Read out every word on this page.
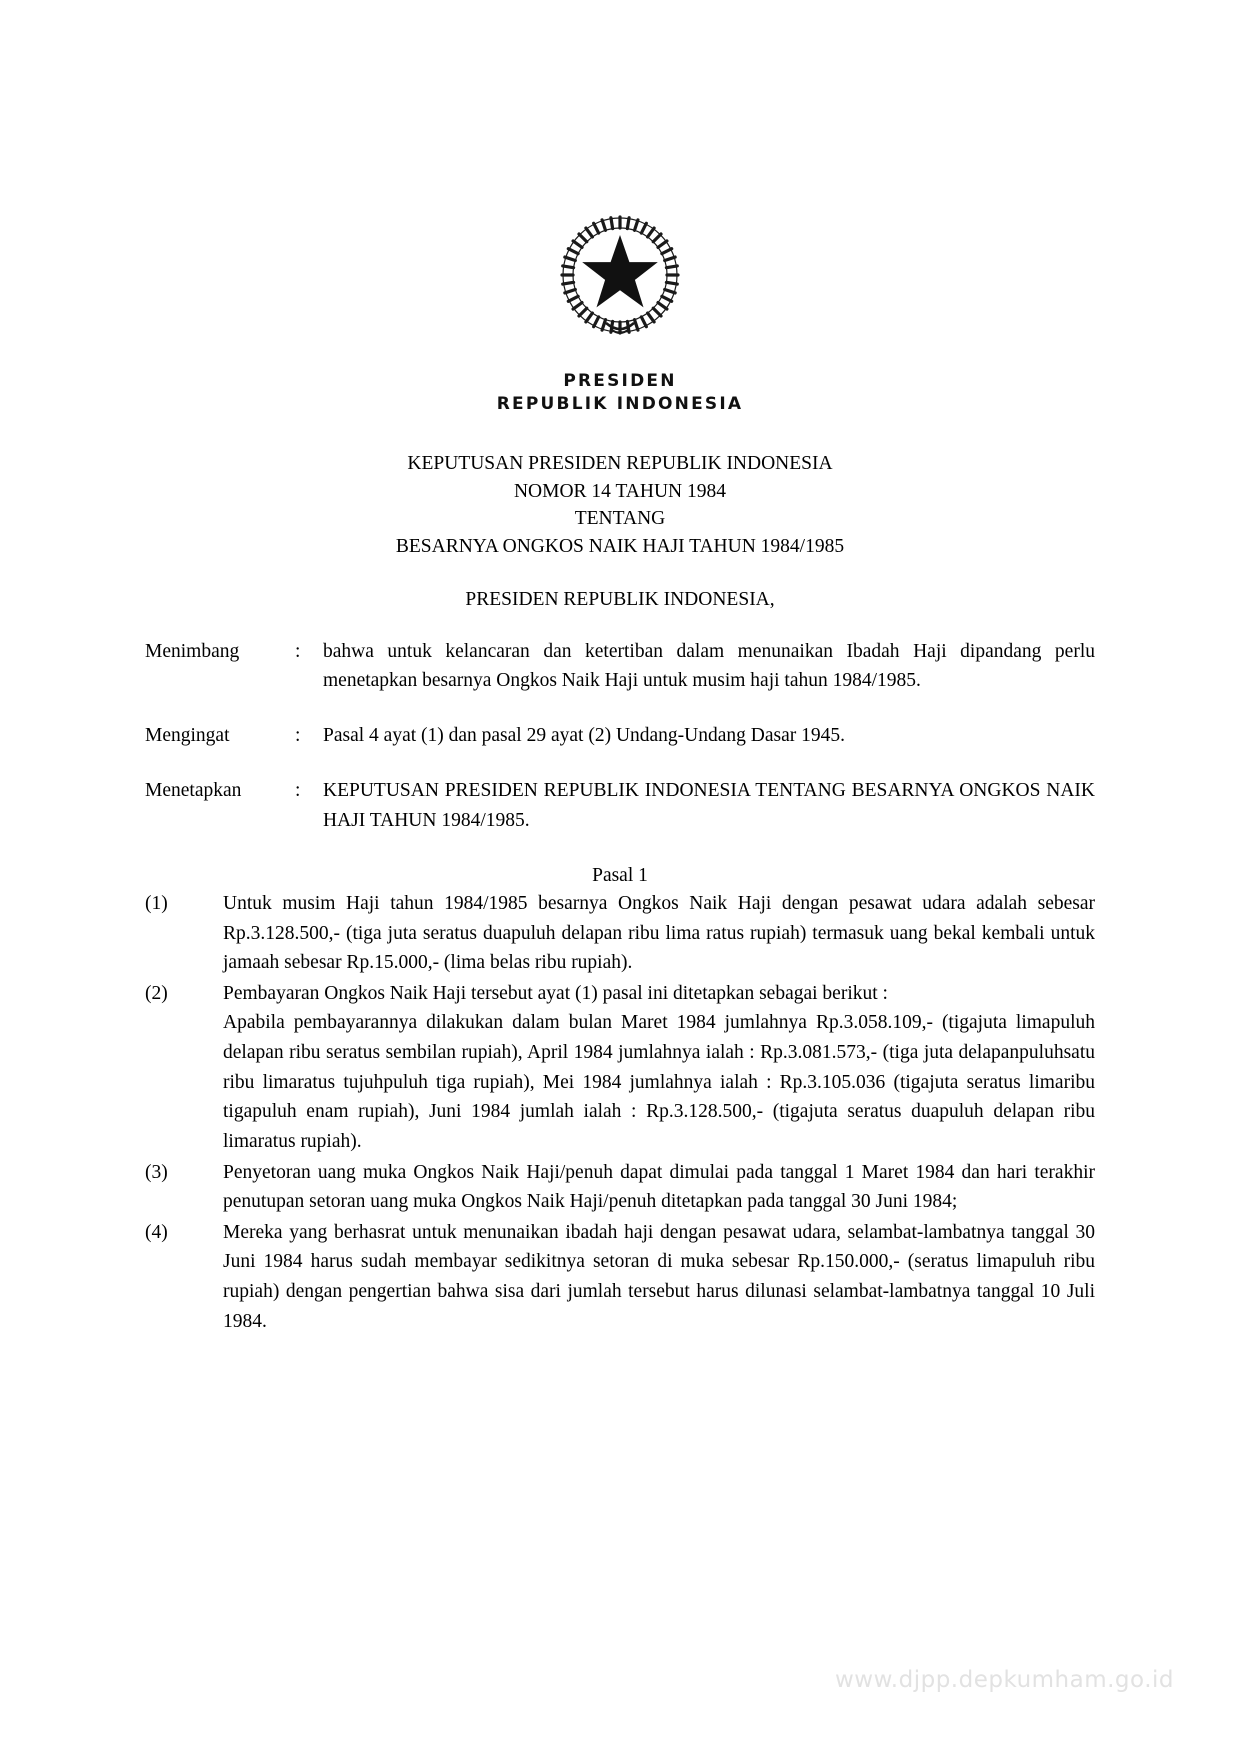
PRESIDEN
REPUBLIK INDONESIA
KEPUTUSAN PRESIDEN REPUBLIK INDONESIA
NOMOR 14 TAHUN 1984
TENTANG
BESARNYA ONGKOS NAIK HAJI TAHUN 1984/1985
PRESIDEN REPUBLIK INDONESIA,
Menimbang	:	bahwa untuk kelancaran dan ketertiban dalam menunaikan Ibadah Haji dipandang perlu menetapkan besarnya Ongkos Naik Haji untuk musim haji tahun 1984/1985.
Mengingat	:	Pasal 4 ayat (1) dan pasal 29 ayat (2) Undang-Undang Dasar 1945.
Menetapkan	:	KEPUTUSAN PRESIDEN REPUBLIK INDONESIA TENTANG BESARNYA ONGKOS NAIK HAJI TAHUN 1984/1985.
Pasal 1
(1)	Untuk musim Haji tahun 1984/1985 besarnya Ongkos Naik Haji dengan pesawat udara adalah sebesar Rp.3.128.500,- (tiga juta seratus duapuluh delapan ribu lima ratus rupiah) termasuk uang bekal kembali untuk jamaah sebesar Rp.15.000,- (lima belas ribu rupiah).

(2)	Pembayaran Ongkos Naik Haji tersebut ayat (1) pasal ini ditetapkan sebagai berikut :

Apabila pembayarannya dilakukan dalam bulan Maret 1984 jumlahnya Rp.3.058.109,- (tigajuta limapuluh delapan ribu seratus sembilan rupiah), April 1984 jumlahnya ialah : Rp.3.081.573,- (tiga juta delapanpuluhsatu ribu limaratus tujuhpuluh tiga rupiah), Mei 1984 jumlahnya ialah : Rp.3.105.036 (tigajuta seratus limaribu tigapuluh enam rupiah), Juni 1984 jumlah ialah : Rp.3.128.500,- (tigajuta seratus duapuluh delapan ribu limaratus rupiah).

(3)	Penyetoran uang muka Ongkos Naik Haji/penuh dapat dimulai pada tanggal 1 Maret 1984 dan hari terakhir penutupan setoran uang muka Ongkos Naik Haji/penuh ditetapkan pada tanggal 30 Juni 1984;

(4)	Mereka yang berhasrat untuk menunaikan ibadah haji dengan pesawat udara, selambat-lambatnya tanggal 30 Juni 1984 harus sudah membayar sedikitnya setoran di muka sebesar Rp.150.000,- (seratus limapuluh ribu rupiah) dengan pengertian bahwa sisa dari jumlah tersebut harus dilunasi selambat-lambatnya tanggal 10 Juli 1984.

www.djpp.depkumham.go.id
